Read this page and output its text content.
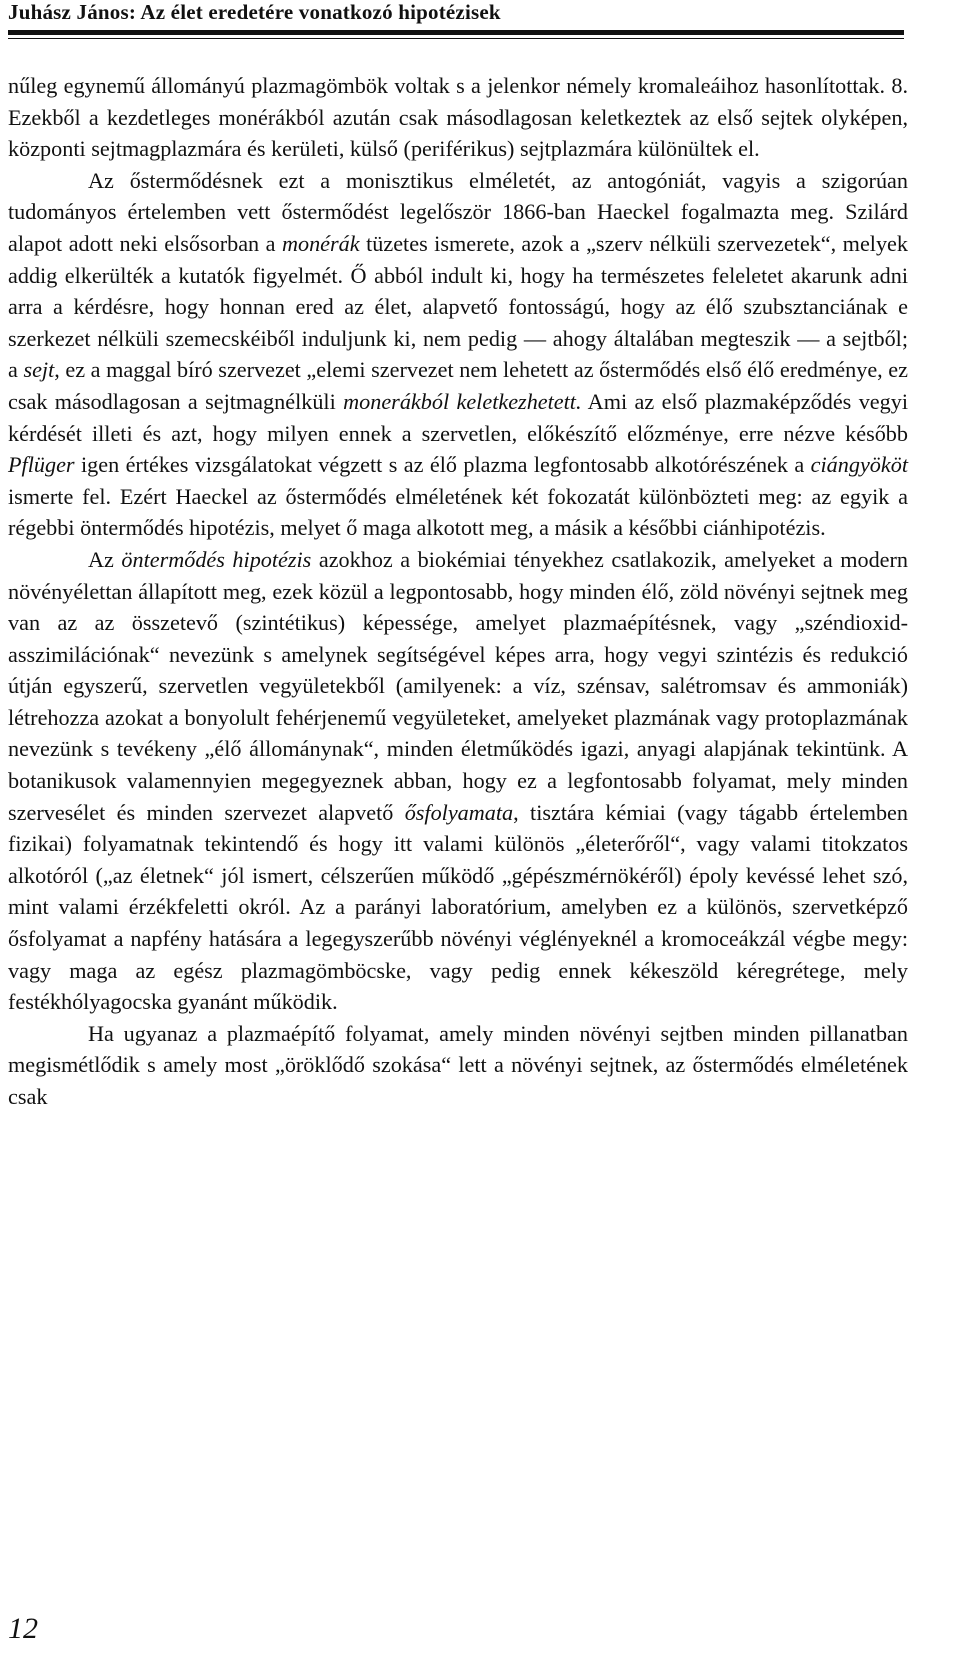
Juhász János: Az élet eredetére vonatkozó hipotézisek

nűleg egynemű állományú plazmagömbök voltak s a jelenkor némely kromaleáihoz hasonlítottak. 8. Ezekből a kezdetleges monérákból azután csak másodlagosan keletkeztek az első sejtek olyképen, központi sejtmagplazmára és kerületi, külső (periférikus) sejtplazmára különültek el.

Az őstermődésnek ezt a monisztikus elméletét, az antogóniát, vagyis a szigorúan tudományos értelemben vett őstermődést legelőször 1866-ban Haeckel fogalmazta meg. Szilárd alapot adott neki elsősorban a monérák tüzetes ismerete, azok a „szerv nélküli szervezetek“, melyek addig elkerülték a kutatók figyelmét. Ő abból indult ki, hogy ha természetes feleletet akarunk adni arra a kérdésre, hogy honnan ered az élet, alapvető fontosságú, hogy az élő szubsztanciának e szerkezet nélküli szemecskéiből induljunk ki, nem pedig — ahogy általában megteszik — a sejtből; a sejt, ez a maggal bíró szervezet „elemi szervezet nem lehetett az őstermődés első élő eredménye, ez csak másodlagosan a sejtmagnélküli monerákból keletkezhetett. Ami az első plazmaképződés vegyi kérdését illeti és azt, hogy milyen ennek a szervetlen, előkészítő előzménye, erre nézve később Pflüger igen értékes vizsgálatokat végzett s az élő plazma legfontosabb alkotórészének a ciángyököt ismerte fel. Ezért Haeckel az őstermődés elméletének két fokozatát különbözteti meg: az egyik a régebbi öntermődés hipotézis, melyet ő maga alkotott meg, a másik a későbbi ciánhipotézis.

Az öntermődés hipotézis azokhoz a biokémiai tényekhez csatlakozik, amelyeket a modern növényélettan állapított meg, ezek közül a legpontosabb, hogy minden élő, zöld növényi sejtnek meg van az az összetevő (szintétikus) képessége, amelyet plazmaépítésnek, vagy „széndioxid-asszimilációnak“ nevezünk s amelynek segítségével képes arra, hogy vegyi szintézis és redukció útján egyszerű, szervetlen vegyületekből (amilyenek: a víz, szénsav, salétromsav és ammoniák) létrehozza azokat a bonyolult fehérjenemű vegyületeket, amelyeket plazmának vagy protoplazmának nevezünk s tevékeny „élő állománynak“, minden életműködés igazi, anyagi alapjának tekintünk. A botanikusok valamennyien megegyeznek abban, hogy ez a legfontosabb folyamat, mely minden szervesélet és minden szervezet alapvető ősfolyamata, tisztára kémiai (vagy tágabb értelemben fizikai) folyamatnak tekintendő és hogy itt valami különös „életerőről“, vagy valami titokzatos alkotóról („az életnek“ jól ismert, célszerűen működő „gépészmérnökéről) époly kevéssé lehet szó, mint valami érzékfeletti okról. Az a parányi laboratórium, amelyben ez a különös, szervetképző ősfolyamat a napfény hatására a legegyszerűbb növényi véglényeknél a kromoceákzál végbe megy: vagy maga az egész plazmagömböcske, vagy pedig ennek kékeszöld kéregrétege, mely festékhólyagocska gyanánt működik.

Ha ugyanaz a plazmaépítő folyamat, amely minden növényi sejtben minden pillanatban megismétlődik s amely most „öröklődő szokása“ lett a növényi sejtnek, az őstermődés elméletének csak

12
